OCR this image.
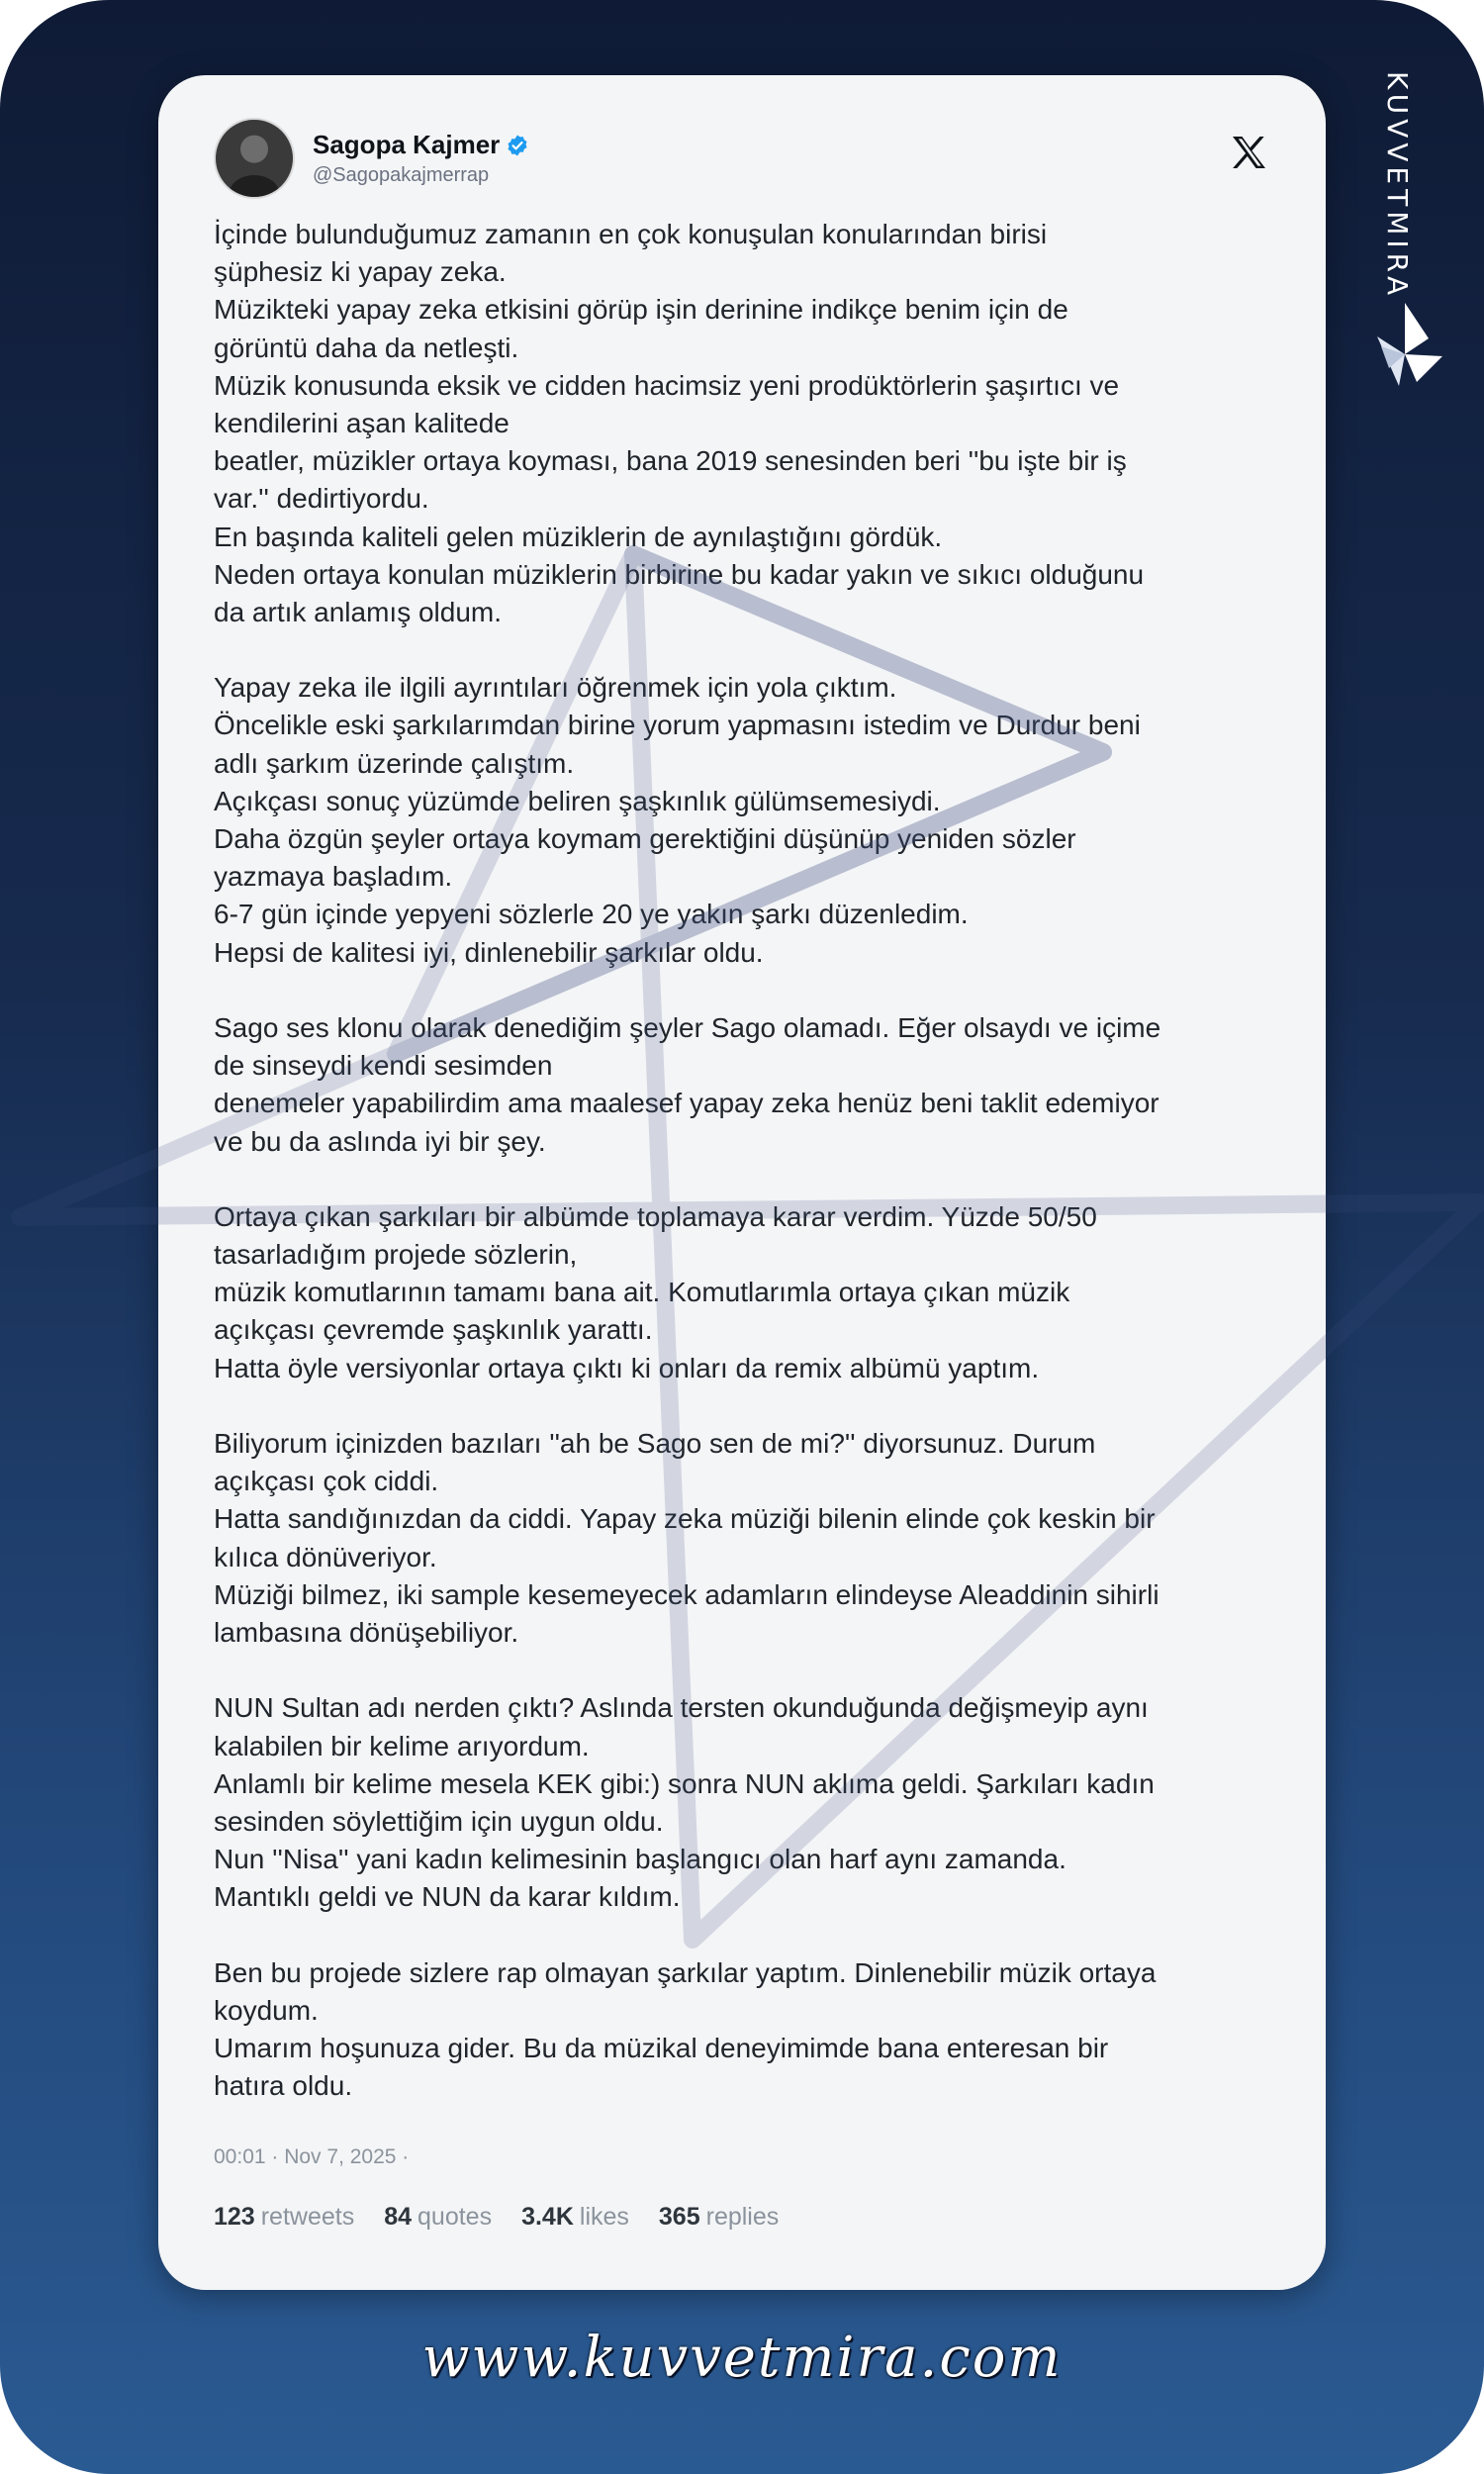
Sagopa Kajmer
@Sagopakajmerrap
İçinde bulunduğumuz zamanın en çok konuşulan konularından birisi
şüphesiz ki yapay zeka.
Müzikteki yapay zeka etkisini görüp işin derinine indikçe benim için de
görüntü daha da netleşti.
Müzik konusunda eksik ve cidden hacimsiz yeni prodüktörlerin şaşırtıcı ve
kendilerini aşan kalitede
beatler, müzikler ortaya koyması, bana 2019 senesinden beri ''bu işte bir iş
var.'' dedirtiyordu.
En başında kaliteli gelen müziklerin de aynılaştığını gördük.
Neden ortaya konulan müziklerin birbirine bu kadar yakın ve sıkıcı olduğunu
da artık anlamış oldum.
Yapay zeka ile ilgili ayrıntıları öğrenmek için yola çıktım.
Öncelikle eski şarkılarımdan birine yorum yapmasını istedim ve Durdur beni
adlı şarkım üzerinde çalıştım.
Açıkçası sonuç yüzümde beliren şaşkınlık gülümsemesiydi.
Daha özgün şeyler ortaya koymam gerektiğini düşünüp yeniden sözler
yazmaya başladım.
6-7 gün içinde yepyeni sözlerle 20 ye yakın şarkı düzenledim.
Hepsi de kalitesi iyi, dinlenebilir şarkılar oldu.
Sago ses klonu olarak denediğim şeyler Sago olamadı. Eğer olsaydı ve içime
de sinseydi kendi sesimden
denemeler yapabilirdim ama maalesef yapay zeka henüz beni taklit edemiyor
ve bu da aslında iyi bir şey.
Ortaya çıkan şarkıları bir albümde toplamaya karar verdim. Yüzde 50/50
tasarladığım projede sözlerin,
müzik komutlarının tamamı bana ait. Komutlarımla ortaya çıkan müzik
açıkçası çevremde şaşkınlık yarattı.
Hatta öyle versiyonlar ortaya çıktı ki onları da remix albümü yaptım.
Biliyorum içinizden bazıları ''ah be Sago sen de mi?'' diyorsunuz. Durum
açıkçası çok ciddi.
Hatta sandığınızdan da ciddi. Yapay zeka müziği bilenin elinde çok keskin bir
kılıca dönüveriyor.
Müziği bilmez, iki sample kesemeyecek adamların elindeyse Aleaddinin sihirli
lambasına dönüşebiliyor.
NUN Sultan adı nerden çıktı? Aslında tersten okunduğunda değişmeyip aynı
kalabilen bir kelime arıyordum.
Anlamlı bir kelime mesela KEK gibi:) sonra NUN aklıma geldi. Şarkıları kadın
sesinden söylettiğim için uygun oldu.
Nun ''Nisa'' yani kadın kelimesinin başlangıcı olan harf aynı zamanda.
Mantıklı geldi ve NUN da karar kıldım.
Ben bu projede sizlere rap olmayan şarkılar yaptım. Dinlenebilir müzik ortaya
koydum.
Umarım hoşunuza gider. Bu da müzikal deneyimimde bana enteresan bir
hatıra oldu.
00:01 · Nov 7, 2025 ·
123 retweets 84 quotes 3.4K likes 365 replies
KUVVETMIRA
www.kuvvetmira.com
